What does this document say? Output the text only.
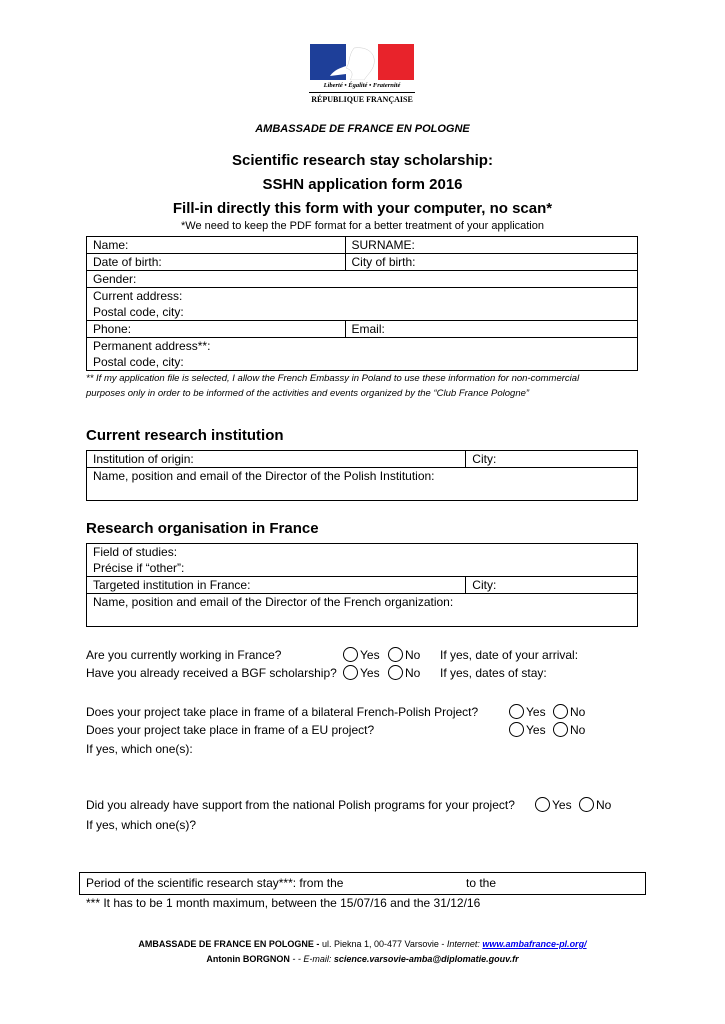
Liberté • Égalité • Fraternité
RÉPUBLIQUE FRANÇAISE
AMBASSADE DE FRANCE EN POLOGNE
Scientific research stay scholarship:
SSHN application form 2016
Fill-in directly this form with your computer, no scan*
*We need to keep the PDF format for a better treatment of your application
Name:	SURNAME:
Date of birth:	City of birth:
Gender:	

Current address:
Postal code, city:	

Phone:	Email:

Permanent address**:
Postal code, city:	
** If my application file is selected, I allow the French Embassy in Poland to use these information for non-commercial
purposes only in order to be informed of the activities and events organized by the “Club France Pologne”
Current research institution
Institution of origin:	City:
Name, position and email of the Director of the Polish Institution:
Research organisation in France
Field of studies:
Précise if “other”:

Targeted institution in France:	City:
Name, position and email of the Director of the French organization:
Are you currently working in France?	Yes No If yes, date of your arrival:
Have you already received a BGF scholarship? Yes No If yes, dates of stay:
Does your project take place in frame of a bilateral French-Polish Project?	Yes No
Does your project take place in frame of a EU project?	Yes No
If yes, which one(s):
Did you already have support from the national Polish programs for your project?	Yes No
If yes, which one(s)?
Period of the scientific research stay***: from the	to the
*** It has to be 1 month maximum, between the 15/07/16 and the 31/12/16
AMBASSADE DE FRANCE EN POLOGNE - ul. Piekna 1, 00-477 Varsovie - Internet: www.ambafrance-pl.org/
Antonin BORGNON - - E-mail: science.varsovie-amba@diplomatie.gouv.fr
